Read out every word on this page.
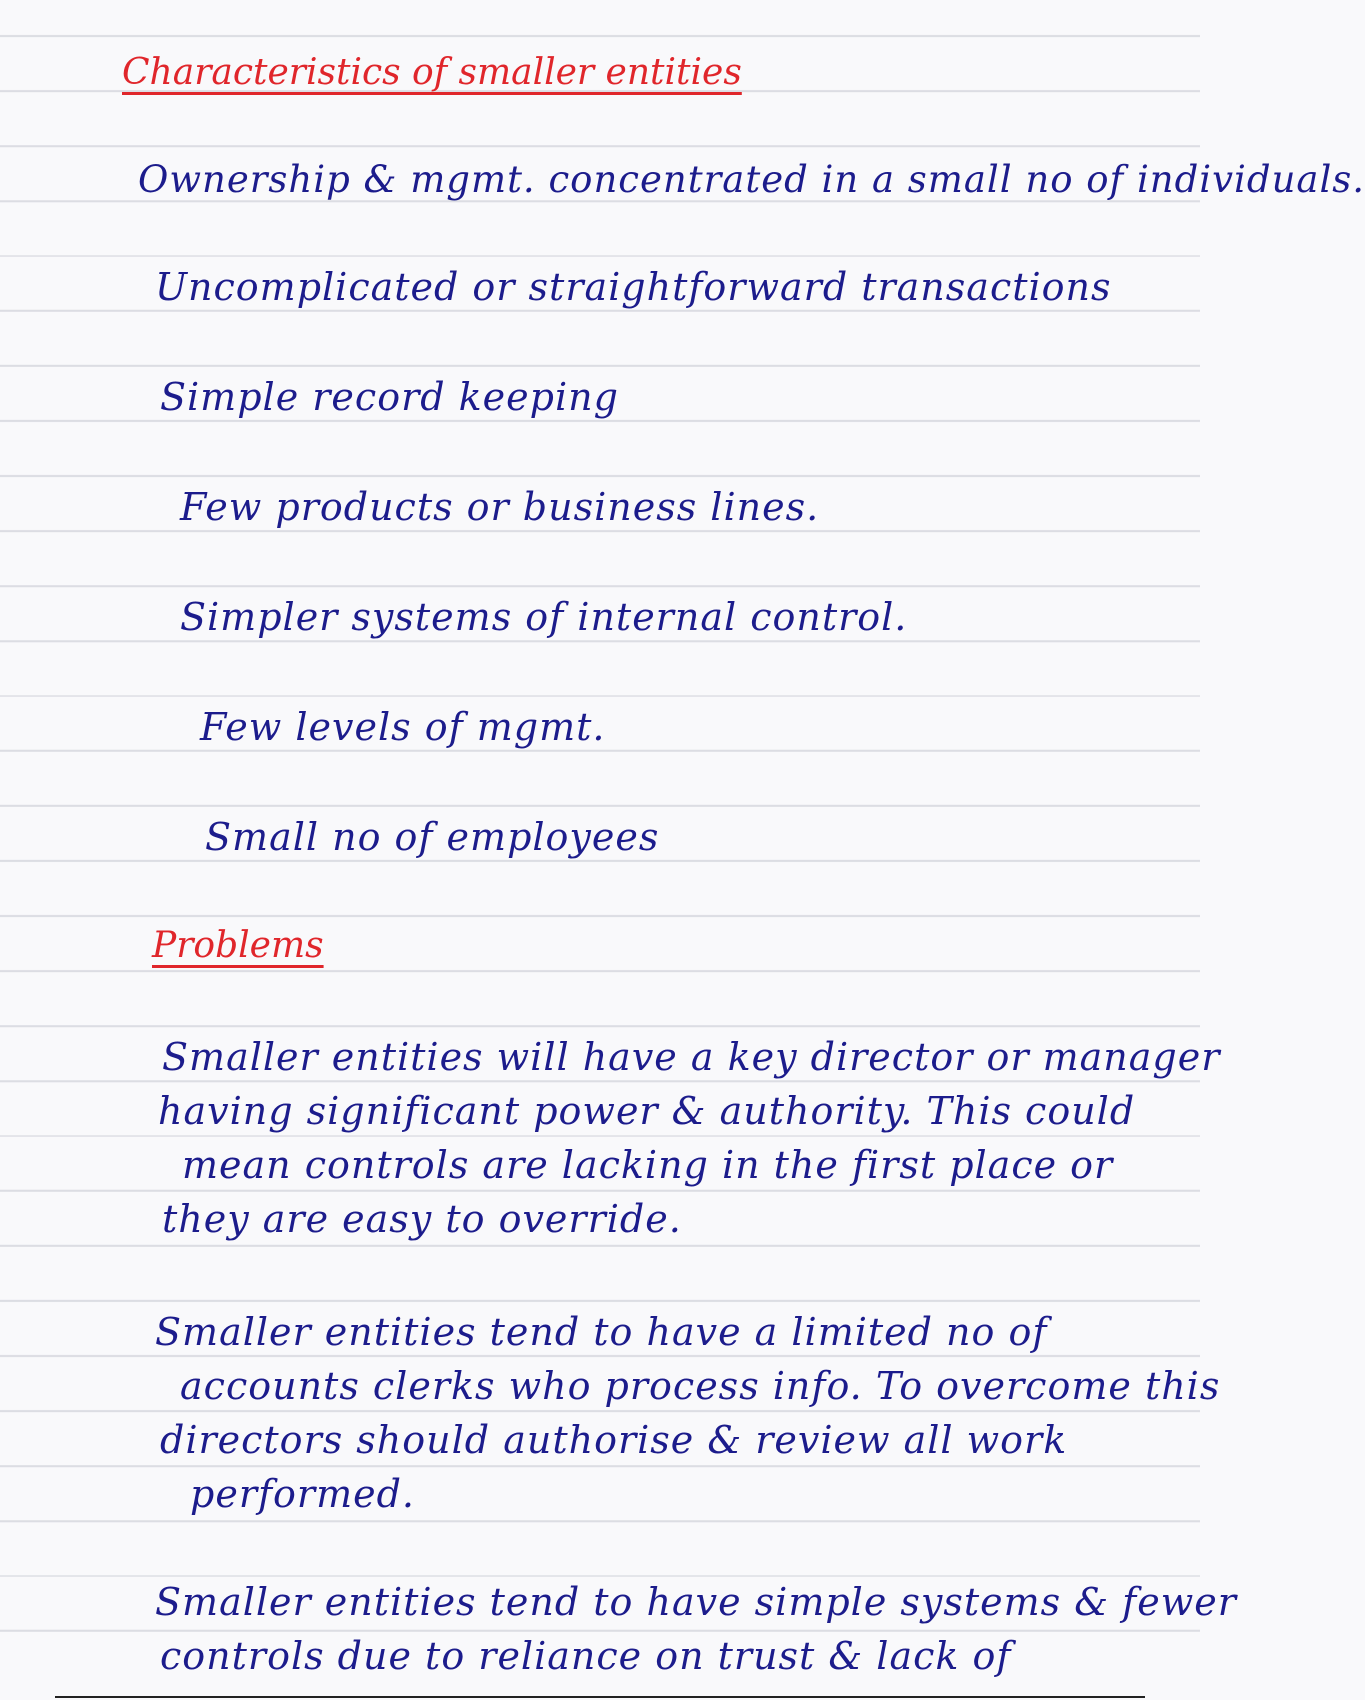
Characteristics of smaller entities
Ownership & mgmt. concentrated in a small no of individuals.
Uncomplicated or straightforward transactions
Simple record keeping
Few products or business lines.
Simpler systems of internal control.
Few levels of mgmt.
Small no of employees
Problems
Smaller entities will have a key director or manager
having significant power & authority. This could
mean controls are lacking in the first place or
they are easy to override.
Smaller entities tend to have a limited no of
accounts clerks who process info. To overcome this
directors should authorise & review all work
performed.
Smaller entities tend to have simple systems & fewer
controls due to reliance on trust & lack of
